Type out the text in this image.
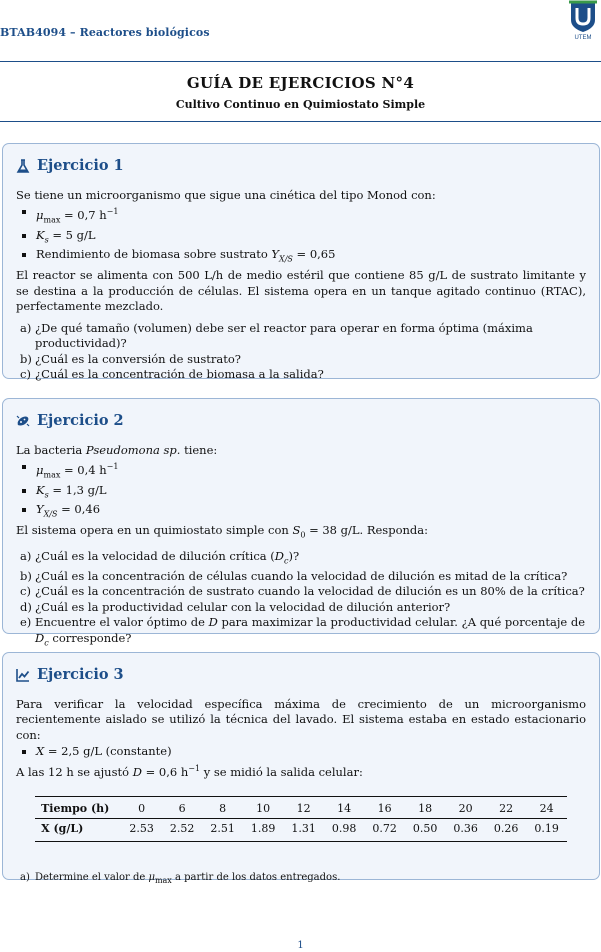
BTAB4094 – Reactores biológicos	UTEM
GUÍA DE EJERCICIOS N°4
Cultivo Continuo en Quimiostato Simple
Ejercicio 1

Se tiene un microorganismo que sigue una cinética del tipo Monod con:

$\mu_{max} = 0,7$ $h^{-1}$
$K_s = 5$ g/L
Rendimiento de biomasa sobre sustrato $Y_{X/S} = 0,65$

El reactor se alimenta con 500 L/h de medio estéril que contiene 85 g/L de sustrato limitante y se destina a la producción de células. El sistema opera en un tanque agitado continuo (RTAC), perfectamente mezclado.

a) ¿De qué tamaño (volumen) debe ser el reactor para operar en forma óptima (máxima productividad)?
b) ¿Cuál es la conversión de sustrato?
c) ¿Cuál es la concentración de biomasa a la salida?
Ejercicio 2

La bacteria Pseudomona sp. tiene:

$\mu_{max} = 0,4$ $h^{-1}$
$K_s = 1,3$ g/L
$Y_{X/S} = 0,46$

El sistema opera en un quimiostato simple con $S_0 = 38$ g/L. Responda:

a) ¿Cuál es la velocidad de dilución crítica $(D_c)$?
b) ¿Cuál es la concentración de células cuando la velocidad de dilución es mitad de la crítica?
c) ¿Cuál es la concentración de sustrato cuando la velocidad de dilución es un 80% de la crítica?
d) ¿Cuál es la productividad celular con la velocidad de dilución anterior?
e) Encuentre el valor óptimo de D para maximizar la productividad celular. ¿A qué porcentaje de $D_c$ corresponde?
Ejercicio 3

Para verificar la velocidad específica máxima de crecimiento de un microorganismo recientemente aislado se utilizó la técnica del lavado. El sistema estaba en estado estacionario con:

X = 2,5 g/L (constante)

A las 12 h se ajustó D = 0,6 $h^{-1}$ y se midió la salida celular:

Tiempo (h)	0	6	8	10	12	14	16	18	20	22	24
X (g/L)	2.53	2.52	2.51	1.89	1.31	0.98	0.72	0.50	0.36	0.26	0.19
a) Determine el valor de $\mu_{max}$ a partir de los datos entregados.
1
